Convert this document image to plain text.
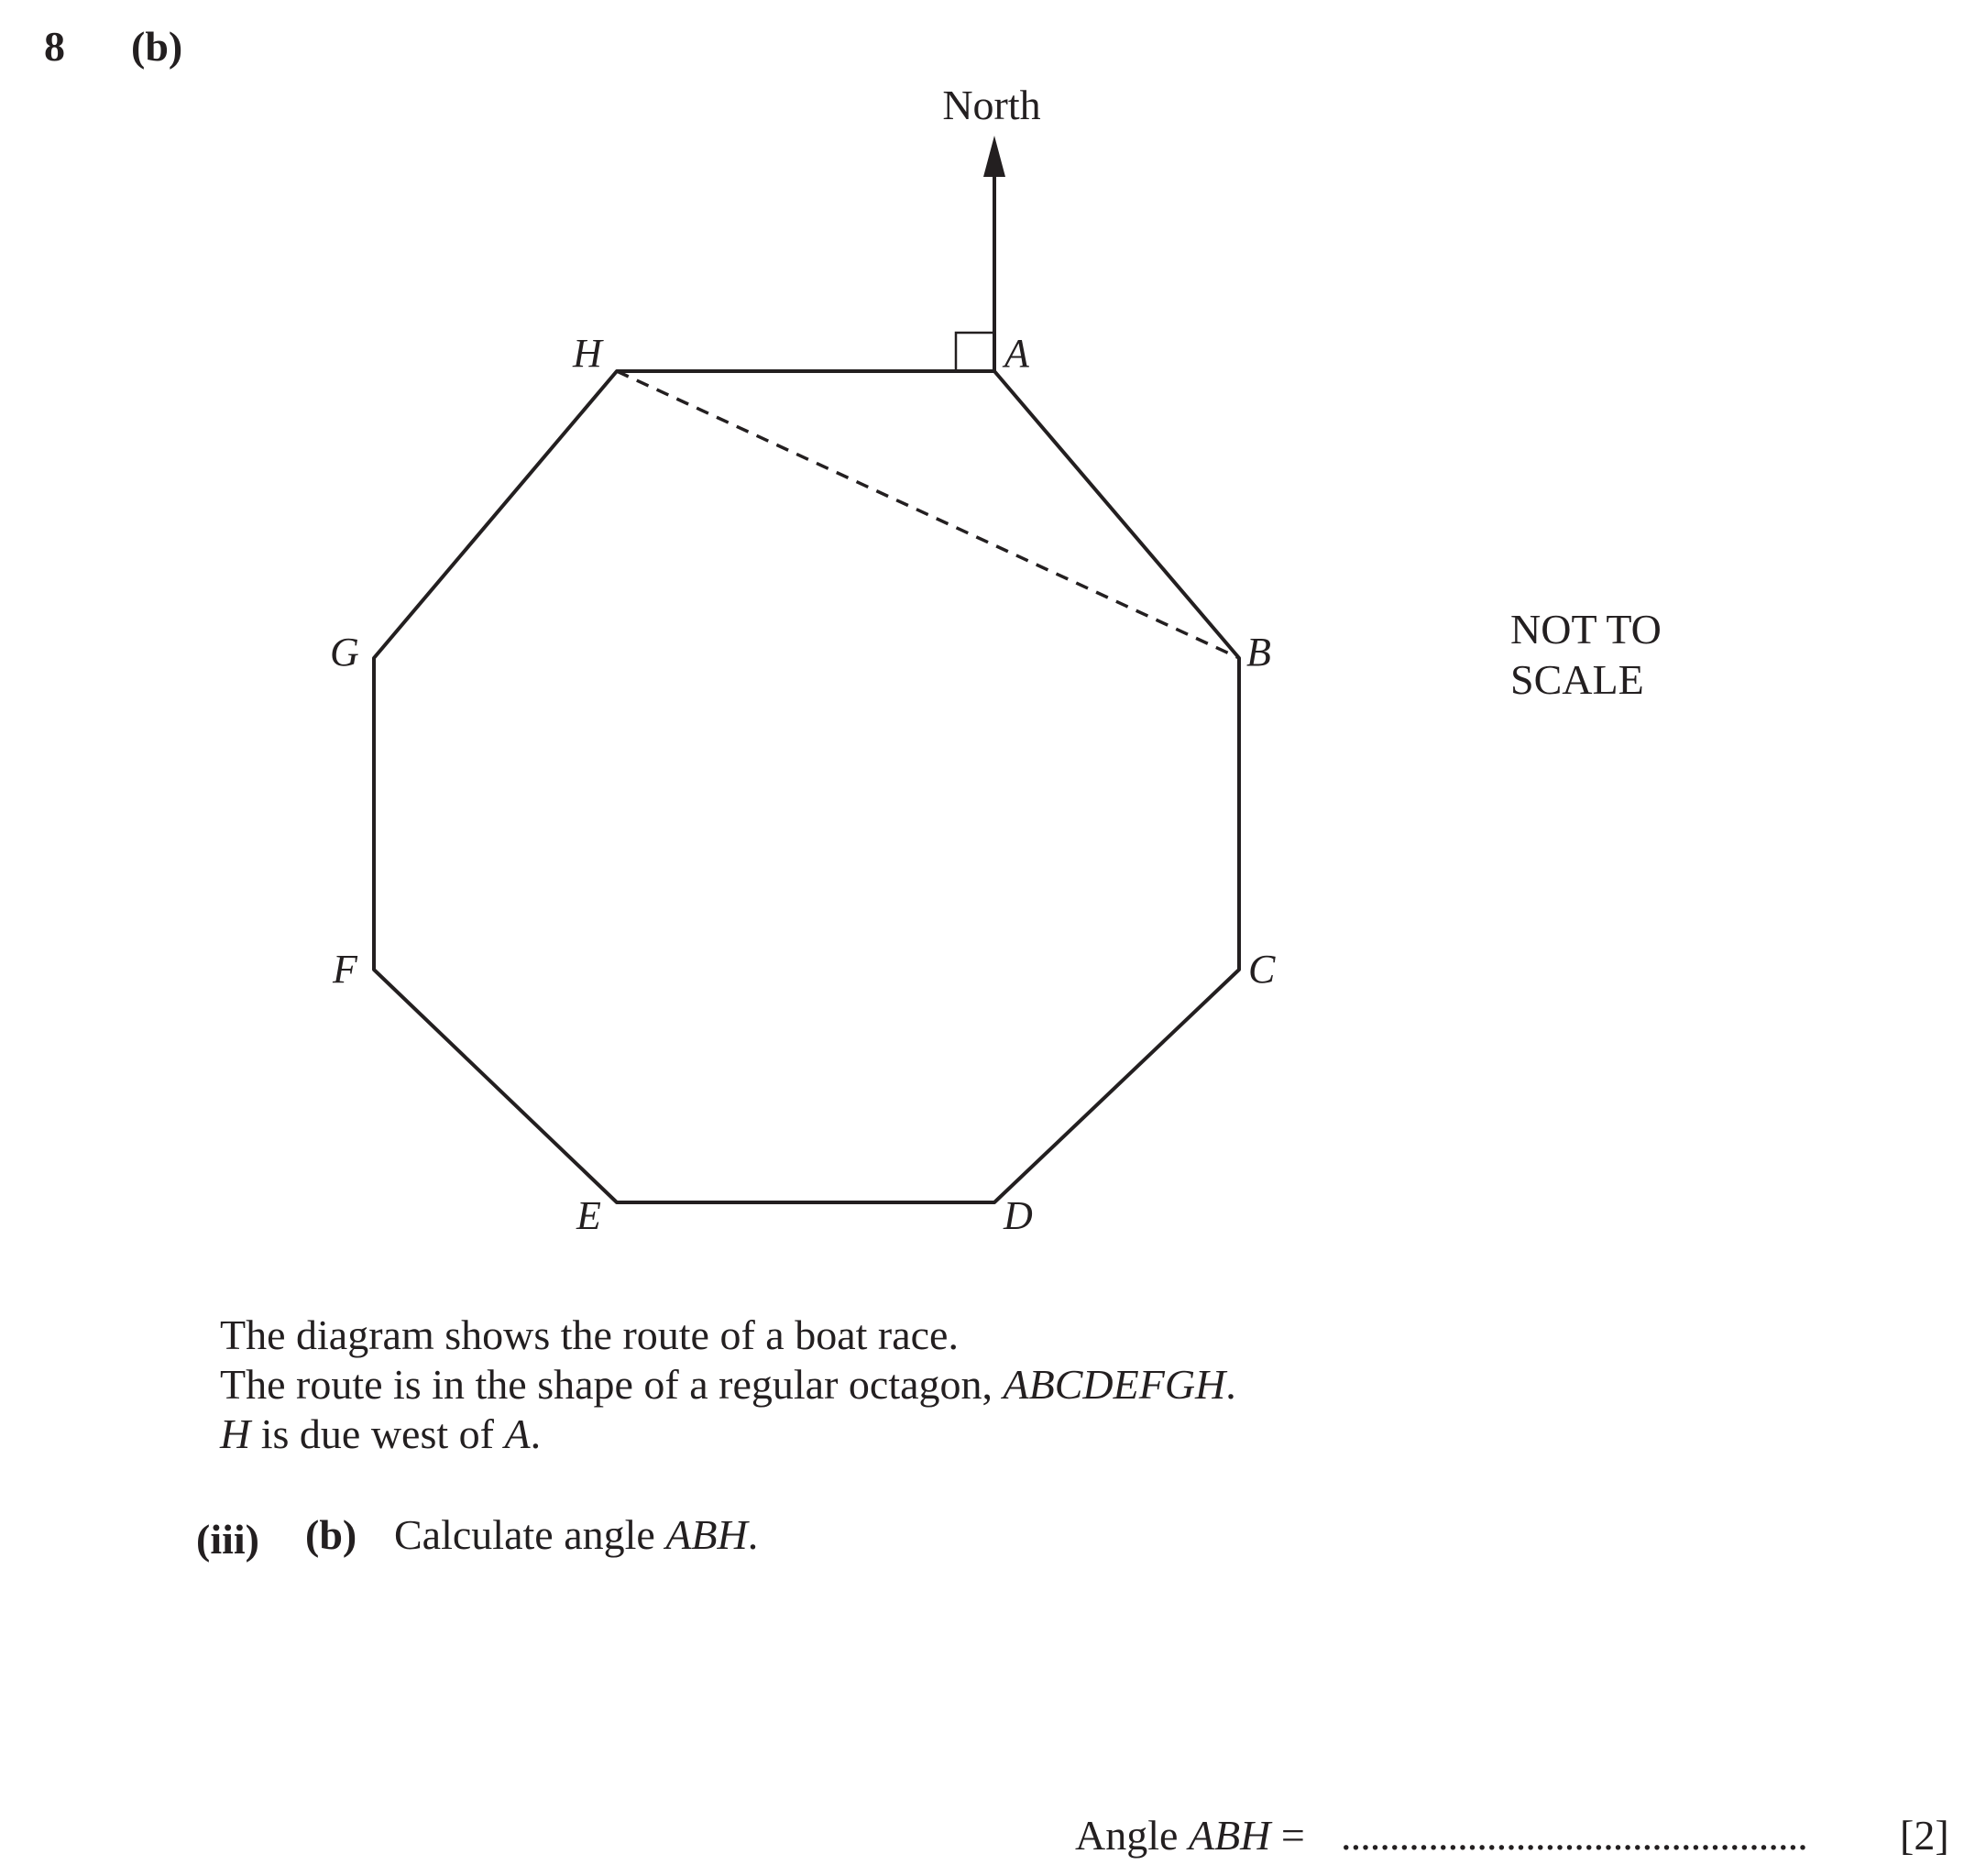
8 (b)
North
A
B
C
D
E
F
G
H
NOT TO
SCALE
The diagram shows the route of a boat race.
The route is in the shape of a regular octagon, ABCDEFGH.
H is due west of A.
(iii) (b) Calculate angle ABH.
Angle ABH = ................................................ [2]
